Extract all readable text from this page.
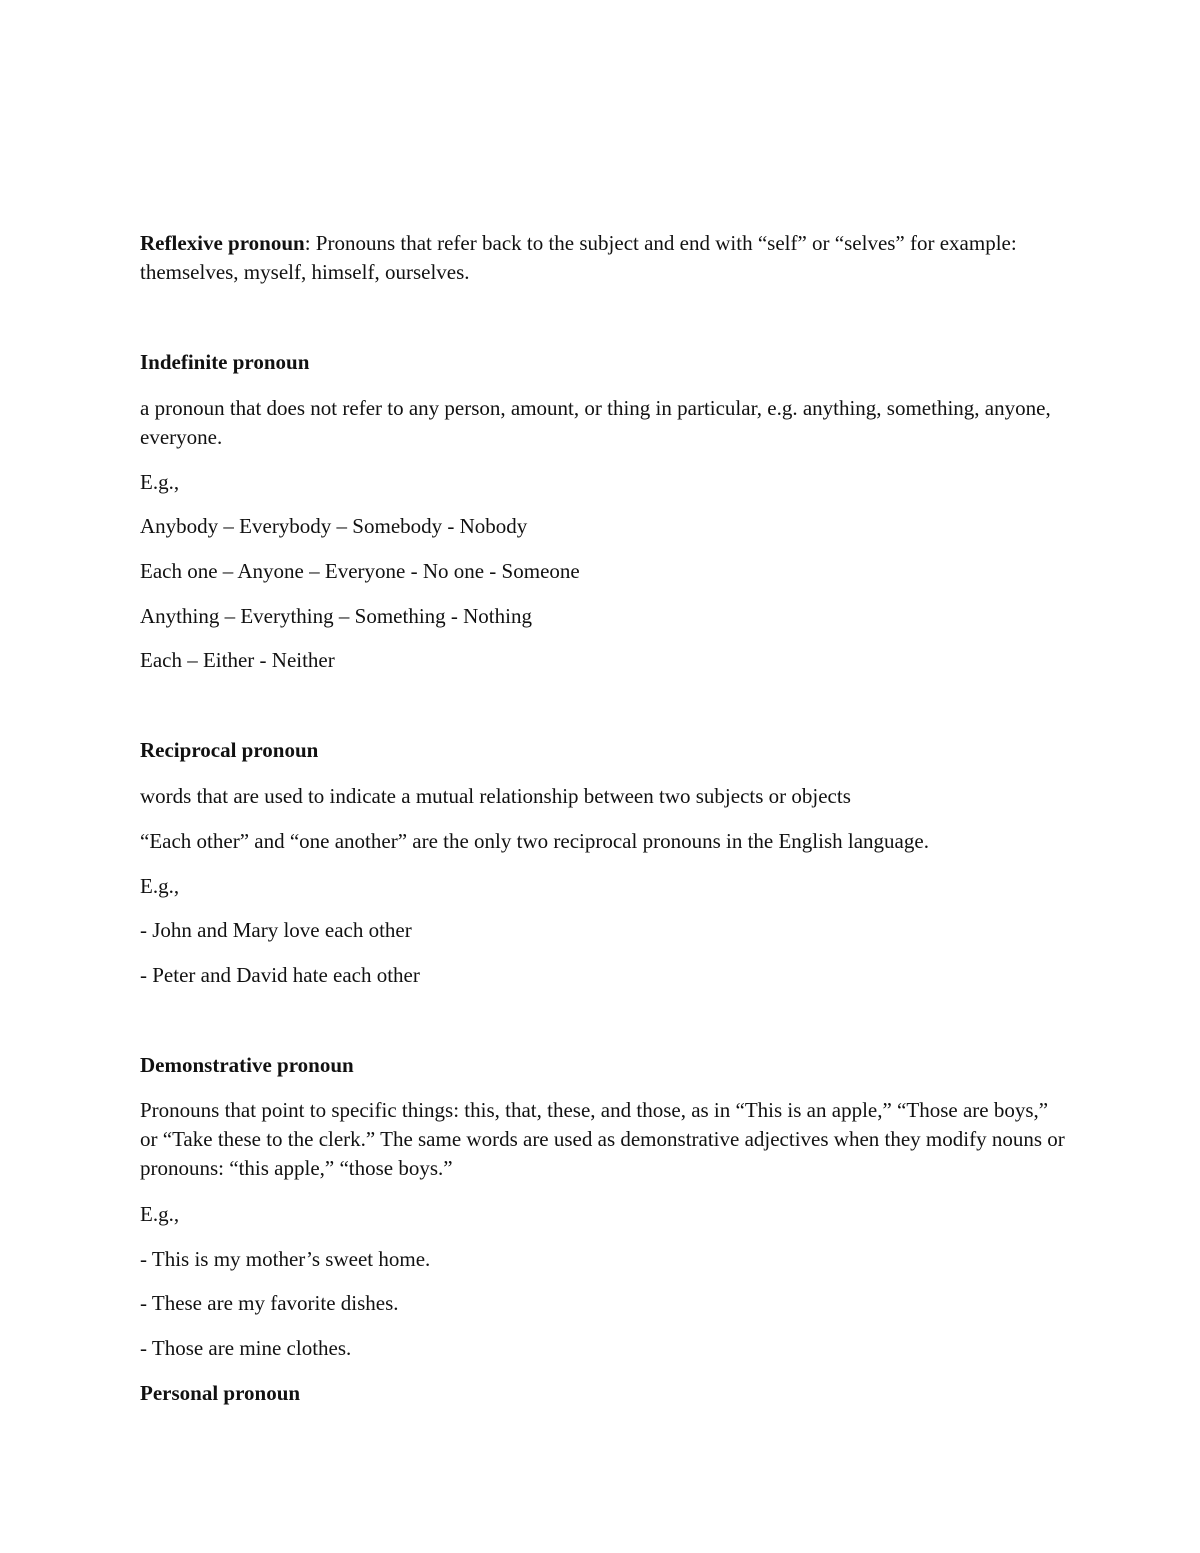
Reflexive pronoun: Pronouns that refer back to the subject and end with “self” or “selves” for example: themselves, myself, himself, ourselves.
Indefinite pronoun
a pronoun that does not refer to any person, amount, or thing in particular, e.g. anything, something, anyone, everyone.
E.g.,
Anybody – Everybody – Somebody - Nobody
Each one – Anyone – Everyone - No one - Someone
Anything – Everything – Something - Nothing
Each – Either - Neither
Reciprocal pronoun
words that are used to indicate a mutual relationship between two subjects or objects
“Each other” and “one another” are the only two reciprocal pronouns in the English language.
E.g.,
- John and Mary love each other
- Peter and David hate each other
Demonstrative pronoun
Pronouns that point to specific things: this, that, these, and those, as in “This is an apple,” “Those are boys,” or “Take these to the clerk.” The same words are used as demonstrative adjectives when they modify nouns or pronouns: “this apple,” “those boys.”
E.g.,
- This is my mother’s sweet home.
- These are my favorite dishes.
- Those are mine clothes.
Personal pronoun
